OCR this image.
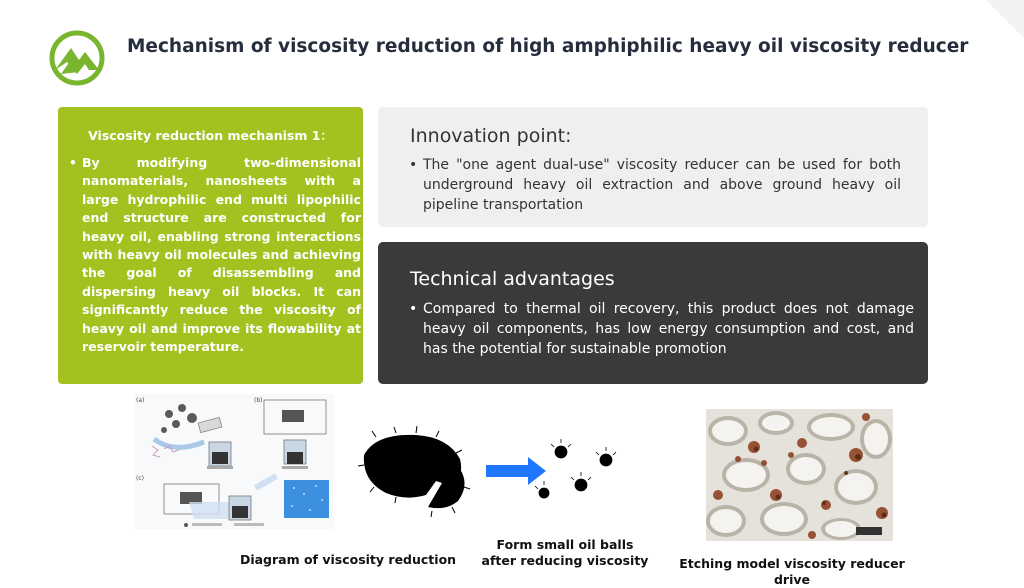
Mechanism of viscosity reduction of high amphiphilic heavy oil viscosity reducer
Viscosity reduction mechanism 1：
• By modifying two-dimensional nanomaterials, nanosheets with a large hydrophilic end multi lipophilic end structure are constructed for heavy oil, enabling strong interactions with heavy oil molecules and achieving the goal of disassembling and dispersing heavy oil blocks. It can significantly reduce the viscosity of heavy oil and improve its flowability at reservoir temperature.
Innovation point:
• The "one agent dual-use" viscosity reducer can be used for both underground heavy oil extraction and above ground heavy oil pipeline transportation
Technical advantages
• Compared to thermal oil recovery, this product does not damage heavy oil components, has low energy consumption and cost, and has the potential for sustainable promotion
(a)	(b)
(c)
Diagram of viscosity reduction
Form small oil balls
after reducing viscosity	Etching model viscosity reducer drive
